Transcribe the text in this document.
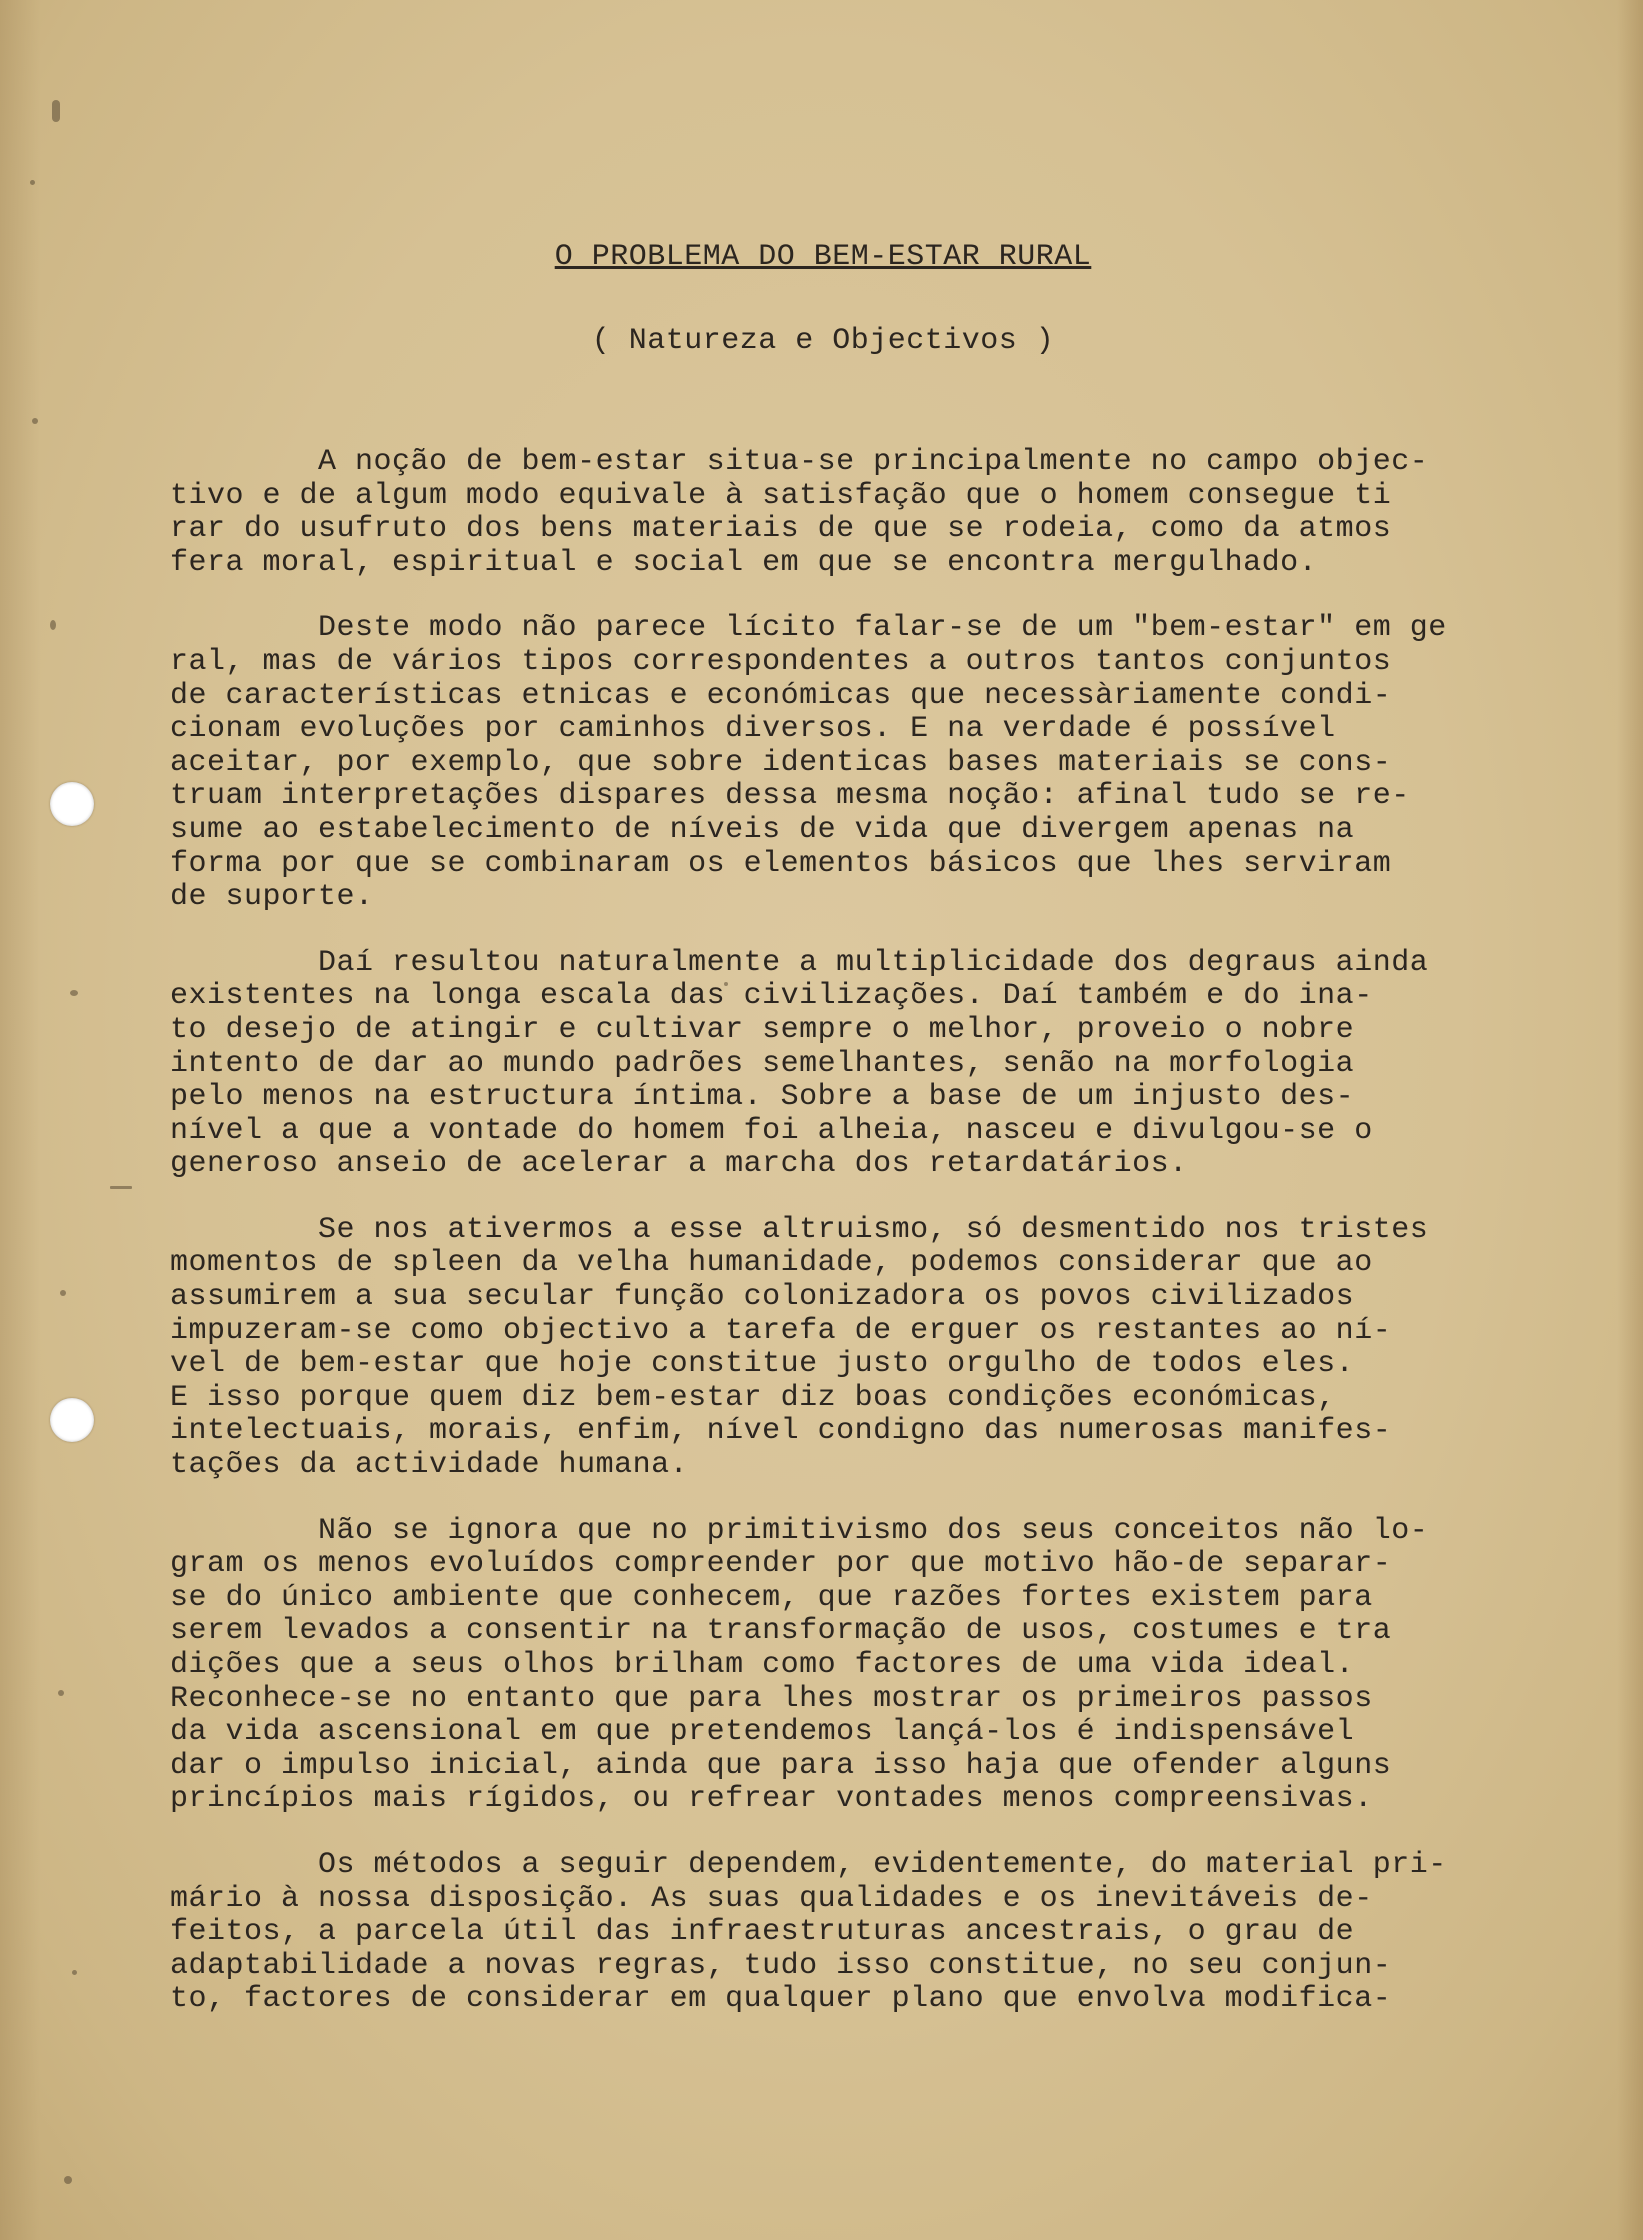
O PROBLEMA DO BEM-ESTAR RURAL
( Natureza e Objectivos )

A noção de bem-estar situa-se principalmente no campo objec-
tivo e de algum modo equivale à satisfação que o homem consegue ti
rar do usufruto dos bens materiais de que se rodeia, como da atmos
fera moral, espiritual e social em que se encontra mergulhado.

Deste modo não parece lícito falar-se de um "bem-estar" em ge
ral, mas de vários tipos correspondentes a outros tantos conjuntos
de características etnicas e económicas que necessàriamente condi-
cionam evoluções por caminhos diversos. E na verdade é possível
aceitar, por exemplo, que sobre identicas bases materiais se cons-
truam interpretações dispares dessa mesma noção: afinal tudo se re-
sume ao estabelecimento de níveis de vida que divergem apenas na
forma por que se combinaram os elementos básicos que lhes serviram
de suporte.

Daí resultou naturalmente a multiplicidade dos degraus ainda
existentes na longa escala das civilizações. Daí também e do ina-
to desejo de atingir e cultivar sempre o melhor, proveio o nobre
intento de dar ao mundo padrões semelhantes, senão na morfologia
pelo menos na estructura íntima. Sobre a base de um injusto des-
nível a que a vontade do homem foi alheia, nasceu e divulgou-se o
generoso anseio de acelerar a marcha dos retardatários.

Se nos ativermos a esse altruismo, só desmentido nos tristes
momentos de spleen da velha humanidade, podemos considerar que ao
assumirem a sua secular função colonizadora os povos civilizados
impuzeram-se como objectivo a tarefa de erguer os restantes ao ní-
vel de bem-estar que hoje constitue justo orgulho de todos eles.
E isso porque quem diz bem-estar diz boas condições económicas,
intelectuais, morais, enfim, nível condigno das numerosas manifes-
tações da actividade humana.

Não se ignora que no primitivismo dos seus conceitos não lo-
gram os menos evoluídos compreender por que motivo hão-de separar-
se do único ambiente que conhecem, que razões fortes existem para
serem levados a consentir na transformação de usos, costumes e tra
dições que a seus olhos brilham como factores de uma vida ideal.
Reconhece-se no entanto que para lhes mostrar os primeiros passos
da vida ascensional em que pretendemos lançá-los é indispensável
dar o impulso inicial, ainda que para isso haja que ofender alguns
princípios mais rígidos, ou refrear vontades menos compreensivas.

Os métodos a seguir dependem, evidentemente, do material pri-
mário à nossa disposição. As suas qualidades e os inevitáveis de-
feitos, a parcela útil das infraestruturas ancestrais, o grau de
adaptabilidade a novas regras, tudo isso constitue, no seu conjun-
to, factores de considerar em qualquer plano que envolva modifica-
